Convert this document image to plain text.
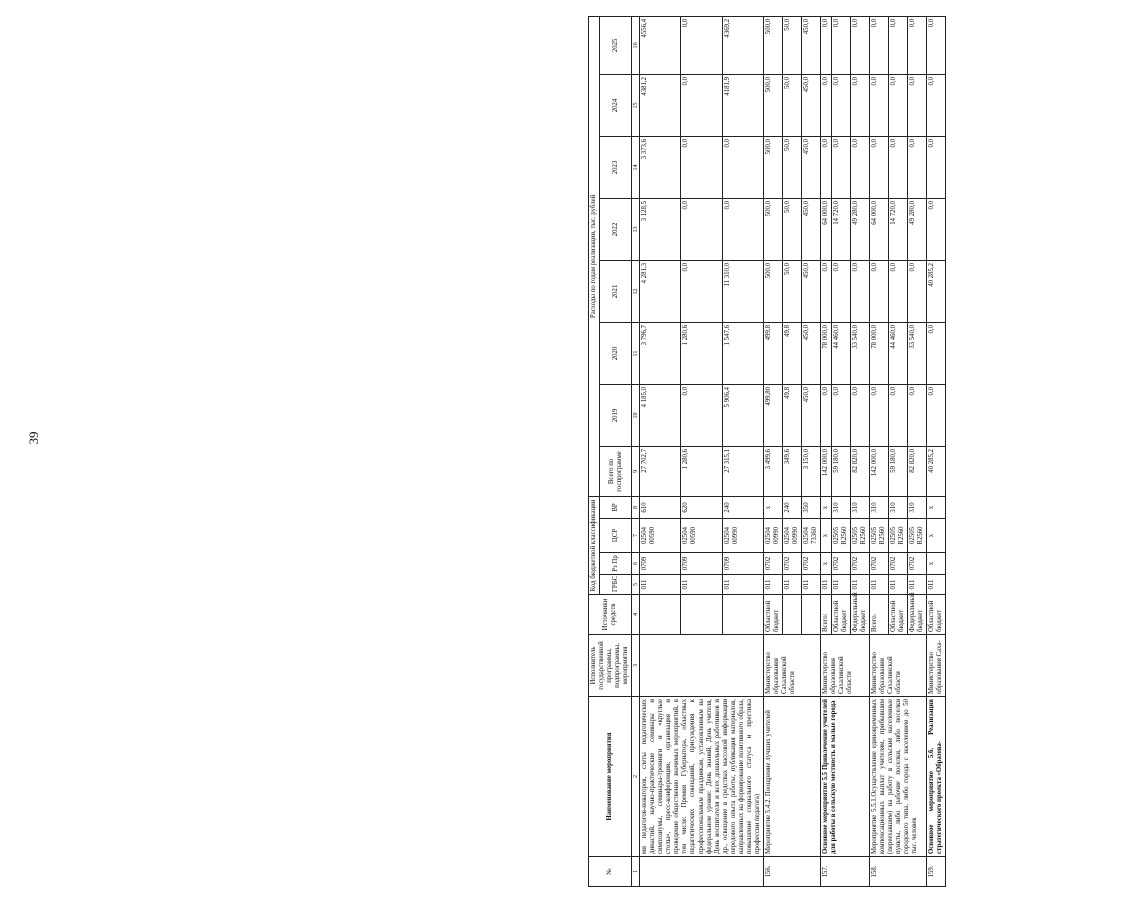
39
№	Наименование мероприятия	Исполнитель государственной программы, подпрограммы, мероприятия	Источники средств	Код бюджетной классификации				Расходы по годам реализации, тыс. рублей							
				ГРБС	Рз Пр	ЦСР	ВР	Всего по госпрограмме	2019	2020	2021	2022	2023	2024	2025

1	2	3	4	5	6	7	8	9	10	11	12	13	14	15	16
	ми педагогов-новаторов, слеты педагогических династий, научно-практические семинары и симпозиумы, семинары-тренинги и «круглые столы», пресс-конференции, организация и проведение общественно значимых мероприятий, в том числе: Премия Губернатора, областных педагогических совещаний, присуждения к профессиональным праздникам, установленным на федеральном уровне: День знаний, День учителя, День воспитателя и всех дошкольных работников и др., освещение в средствах массовой информации передового опыта работы, публикация материалов, направленных на формирование позитивного образа, повышение социального статуса и престижа профессии педагога)			011	0709	02504 00590	610	27 702,7	4 185,0	3 796,7	4 281,3	3 128,5	3 373,6	4381,2	4556,4
				011	0709	02504 00590	620	1 280,6	0,0	1 280,6	0,0	0,0	0,0	0,0	0,0
				011	0709	02504 00990	240	27 315,1	5 906,4	1 547,6	11 310,0	0,0	0,0	4181,9	4369,2
156.	Мероприятие 5.4.2. Поощрение лучших учителей	Министерство образования Сахалинской области	Областной бюджет	011	0702	02504 00990	х	3 499,6	499,80	499,8	500,0	500,0	500,0	500,0	500,0
				011	0702	02504 00990	240	349,6	49,8	49,8	50,0	50,0	50,0	50,0	50,0
				011	0702	02504 73360	350	3 150,0	450,0	450,0	450,0	450,0	450,0	450,0	450,0
157.	Основное мероприятие 5.5 Привлечение учителей для работы в сельскую местность и малые города	Министерство образования Сахалинской области	Всего:	011	х	х	х	142 000,0	0,0	78 000,0	0,0	64 000,0	0,0	0,0	0,0
			Областной бюджет	011	0702	02505 R2560	310	59 180,0	0,0	44 460,0	0,0	14 720,0	0,0	0,0	0,0
			Федеральный бюджет	011	0702	02505 R2560	310	82 820,0	0,0	33 540,0	0,0	49 280,0	0,0	0,0	0,0
158.	Мероприятие 5.5.1.Осуществление единовременных компенсационных выплат учителям, прибывшим (переехавшим) на работу в сельские населенные пункты, либо рабочие поселки, либо поселки городского типа, либо города с населением до 50 тыс. человек	Министерство образования Сахалинской области	Всего.	011	0702	02505 R2560	310	142 000,0	0,0	78 000,0	0,0	64 000,0	0,0	0,0	0,0
			Областной бюджет	011	0702	02505 R2560	310	59 180,0	0,0	44 460,0	0,0	14 720,0	0,0	0,0	0,0
			Федеральный бюджет	011	0702	02505 R2560	310	82 820,0	0,0	33 540,0	0,0	49 280,0	0,0	0,0	0,0
159.	Основное мероприятие 5.6. Реализация стратегического проекта «Образова-	Министерство образования Саха-	Областной бюджет	011	х	х	х	40 285,2	0,0	0,0	40 285,2	0,0	0,0	0,0	0,0
